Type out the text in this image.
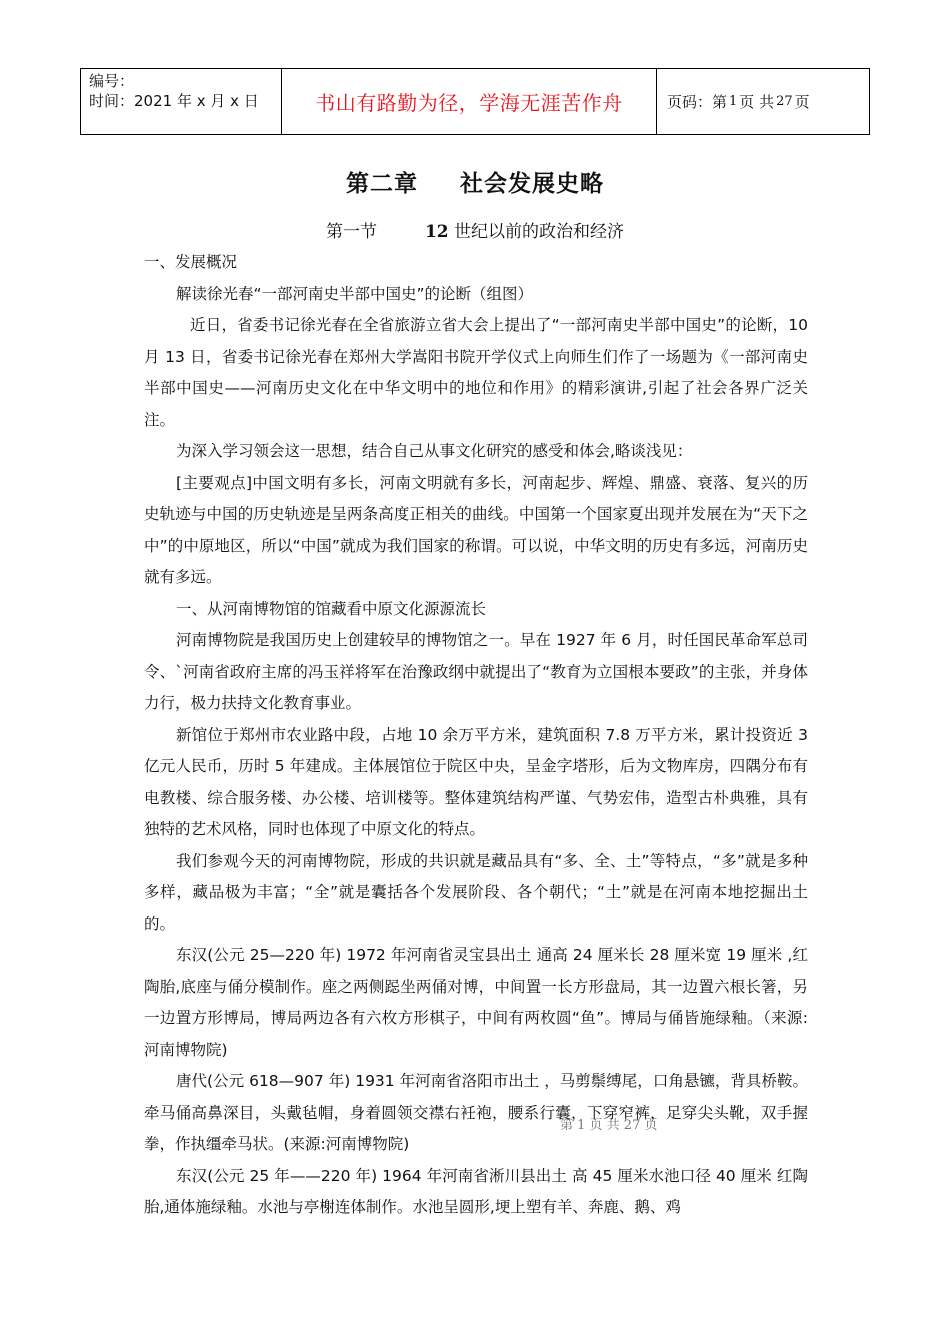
编号：
时间：2021 年 x 月 x 日	书山有路勤为径，学海无涯苦作舟	页码：第 1 页 共 27 页
第二章 社会发展史略
第一节	12 世纪以前的政治和经济

一、发展概况

解读徐光春“一部河南史半部中国史”的论断（组图）

近日，省委书记徐光春在全省旅游立省大会上提出了“一部河南史半部中国史”的论断，10 月 13 日，省委书记徐光春在郑州大学嵩阳书院开学仪式上向师生们作了一场题为《一部河南史半部中国史——河南历史文化在中华文明中的地位和作用》的精彩演讲,引起了社会各界广泛关注。

为深入学习领会这一思想，结合自己从事文化研究的感受和体会,略谈浅见：

[主要观点]中国文明有多长，河南文明就有多长，河南起步、辉煌、鼎盛、衰落、复兴的历史轨迹与中国的历史轨迹是呈两条高度正相关的曲线。中国第一个国家夏出现并发展在为“天下之中”的中原地区，所以“中国”就成为我们国家的称谓。可以说，中华文明的历史有多远，河南历史就有多远。

一、从河南博物馆的馆藏看中原文化源源流长

河南博物院是我国历史上创建较早的博物馆之一。早在 1927 年 6 月，时任国民革命军总司令、`河南省政府主席的冯玉祥将军在治豫政纲中就提出了“教育为立国根本要政”的主张，并身体力行，极力扶持文化教育事业。

新馆位于郑州市农业路中段，占地 10 余万平方米，建筑面积 7.8 万平方米，累计投资近 3 亿元人民币，历时 5 年建成。主体展馆位于院区中央，呈金字塔形，后为文物库房，四隅分布有电教楼、综合服务楼、办公楼、培训楼等。整体建筑结构严谨、气势宏伟，造型古朴典雅，具有独特的艺术风格，同时也体现了中原文化的特点。

我们参观今天的河南博物院，形成的共识就是藏品具有“多、全、土”等特点，“多”就是多种多样，藏品极为丰富；“全”就是囊括各个发展阶段、各个朝代；“土”就是在河南本地挖掘出土的。

东汉(公元 25—220 年) 1972 年河南省灵宝县出土 通高 24 厘米长 28 厘米宽 19 厘米 ,红陶胎,底座与俑分模制作。座之两侧跽坐两俑对博，中间置一长方形盘局，其一边置六根长箸，另一边置方形博局，博局两边各有六枚方形棋子，中间有两枚圆“鱼”。博局与俑皆施绿釉。（来源:河南博物院)

唐代(公元 618—907 年) 1931 年河南省洛阳市出土 ，马剪鬃缚尾，口角悬镳，背具桥鞍。牵马俑高鼻深目，头戴毡帽，身着圆领交襟右衽袍，腰系行囊，下穿窄裤，足穿尖头靴，双手握拳，作执缰牵马状。(来源:河南博物院)

东汉(公元 25 年——220 年) 1964 年河南省淅川县出土 高 45 厘米水池口径 40 厘米 红陶胎,通体施绿釉。水池与亭榭连体制作。水池呈圆形,埂上塑有羊、奔鹿、鹅、鸡

第 1 页 共 27 页
